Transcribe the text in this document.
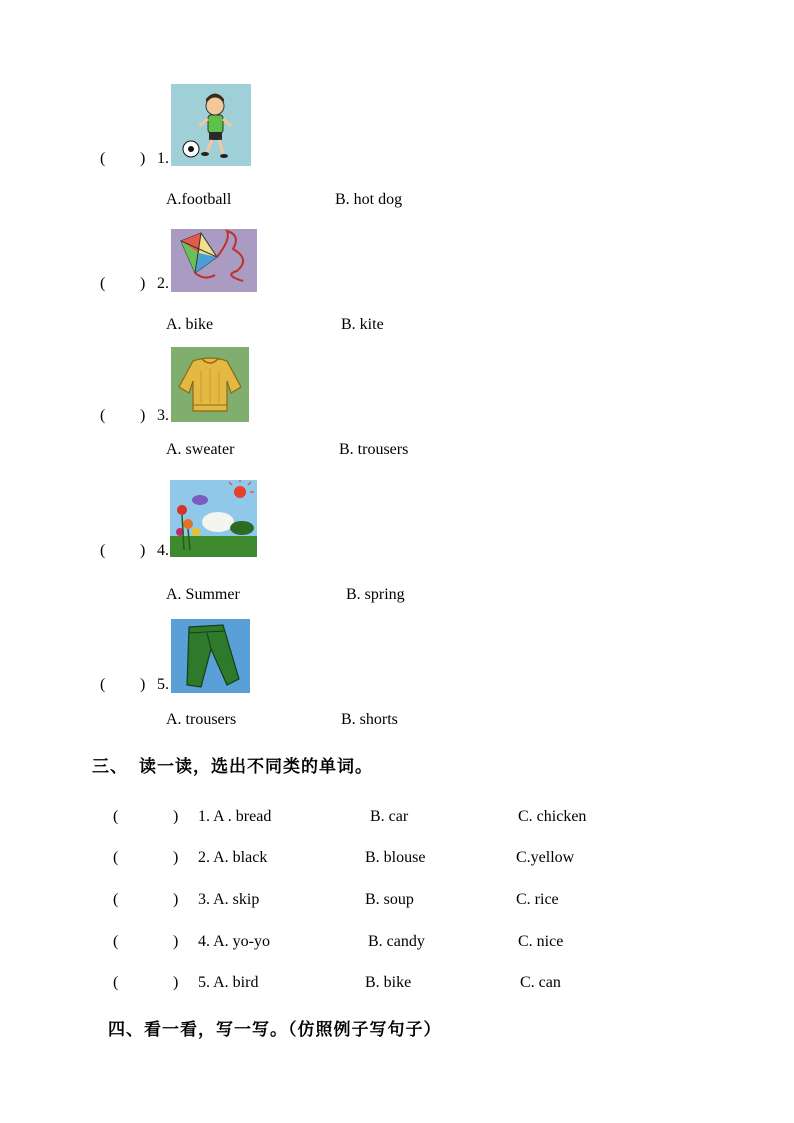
( ) 1.
A.football	B. hot dog
( ) 2.
A. bike	B. kite
( ) 3.
A. sweater	B. trousers
( ) 4.
A. Summer	B. spring
( ) 5.
A. trousers	B. shorts
三、 读一读，选出不同类的单词。
(	) 1. A . bread	B. car	C. chicken
(	) 2. A. black	B. blouse	C.yellow
(	) 3. A. skip	B. soup	C. rice
(	) 4. A. yo-yo	B. candy	C. nice
(	) 5. A. bird	B. bike	C. can
四、看一看，写一写。（仿照例子写句子）
